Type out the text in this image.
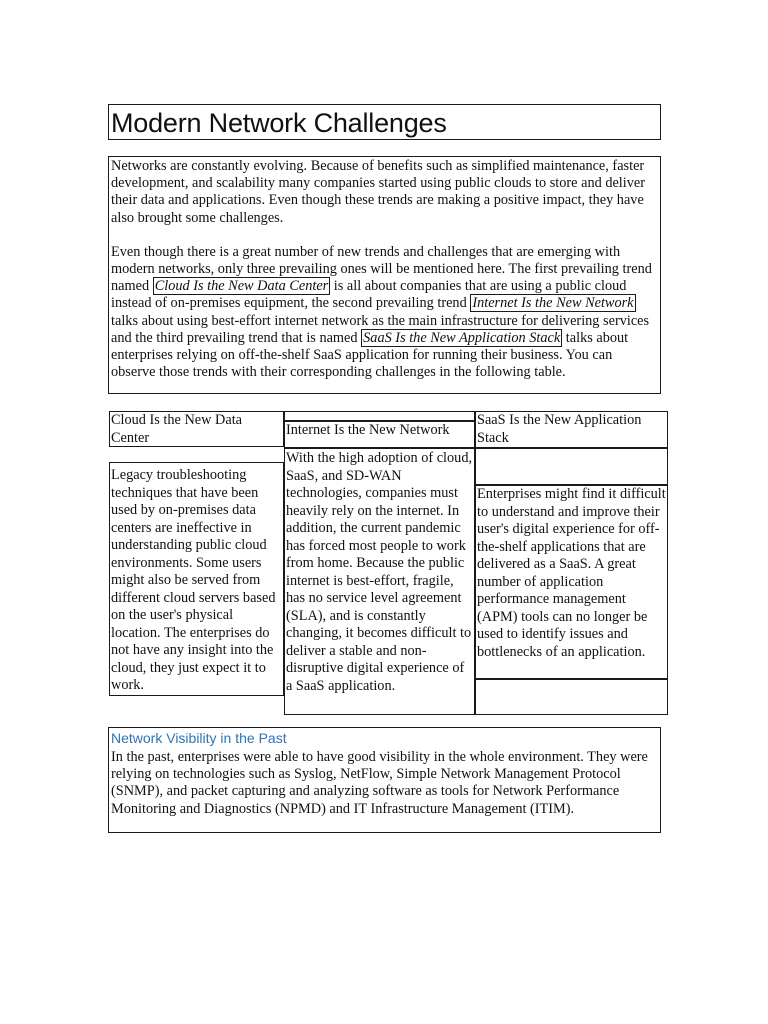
Modern Network Challenges

Networks are constantly evolving. Because of benefits such as simplified maintenance, faster development, and scalability many companies started using public clouds to store and deliver their data and applications. Even though these trends are making a positive impact, they have also brought some challenges.

Even though there is a great number of new trends and challenges that are emerging with modern networks, only three prevailing ones will be mentioned here. The first prevailing trend named Cloud Is the New Data Center is all about companies that are using a public cloud instead of on-premises equipment, the second prevailing trend Internet Is the New Network talks about using best-effort internet network as the main infrastructure for delivering services and the third prevailing trend that is named SaaS Is the New Application Stack talks about enterprises relying on off-the-shelf SaaS application for running their business. You can observe those trends with their corresponding challenges in the following table.

Cloud Is the New Data Center
Legacy troubleshooting techniques that have been used by on-premises data centers are ineffective in understanding public cloud environments. Some users might also be served from different cloud servers based on the user's physical location. The enterprises do not have any insight into the cloud, they just expect it to work.
Internet Is the New Network
With the high adoption of cloud, SaaS, and SD-WAN technologies, companies must heavily rely on the internet. In addition, the current pandemic has forced most people to work from home. Because the public internet is best-effort, fragile, has no service level agreement (SLA), and is constantly changing, it becomes difficult to deliver a stable and non-disruptive digital experience of a SaaS application.
SaaS Is the New Application Stack
Enterprises might find it difficult to understand and improve their user's digital experience for off-the-shelf applications that are delivered as a SaaS. A great number of application performance management (APM) tools can no longer be used to identify issues and bottlenecks of an application.
Network Visibility in the Past
In the past, enterprises were able to have good visibility in the whole environment. They were relying on technologies such as Syslog, NetFlow, Simple Network Management Protocol (SNMP), and packet capturing and analyzing software as tools for Network Performance Monitoring and Diagnostics (NPMD) and IT Infrastructure Management (ITIM).
